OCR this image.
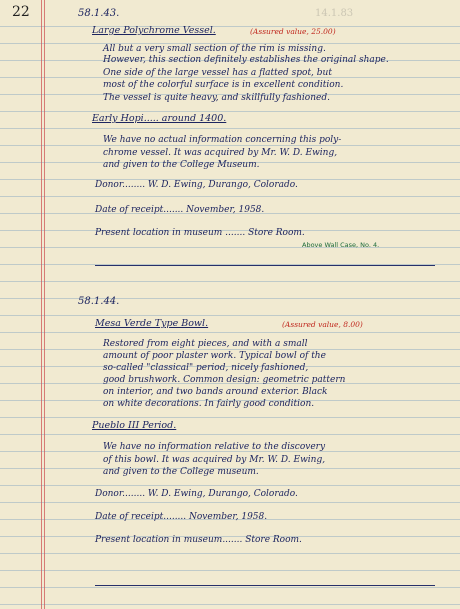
22	14.1.83
58.1.43.
Large Polychrome Vessel.	(Assured value, 25.00)
All but a very small section of the rim is missing.
However, this section definitely establishes the original shape.
One side of the large vessel has a flatted spot, but
most of the colorful surface is in excellent condition.
The vessel is quite heavy, and skillfully fashioned.
Early Hopi..... around 1400.
We have no actual information concerning this poly-
chrome vessel. It was acquired by Mr. W. D. Ewing,
and given to the College Museum.
Donor........ W. D. Ewing, Durango, Colorado.
Date of receipt....... November, 1958.
Present location in museum ....... Store Room.
Above Wall Case, No. 4.
58.1.44.
Mesa Verde Type Bowl.	(Assured value, 8.00)
Restored from eight pieces, and with a small
amount of poor plaster work. Typical bowl of the
so-called "classical" period, nicely fashioned,
good brushwork. Common design: geometric pattern
on interior, and two bands around exterior. Black
on white decorations. In fairly good condition.
Pueblo III Period.
We have no information relative to the discovery
of this bowl. It was acquired by Mr. W. D. Ewing,
and given to the College museum.
Donor........ W. D. Ewing, Durango, Colorado.
Date of receipt........ November, 1958.
Present location in museum....... Store Room.
